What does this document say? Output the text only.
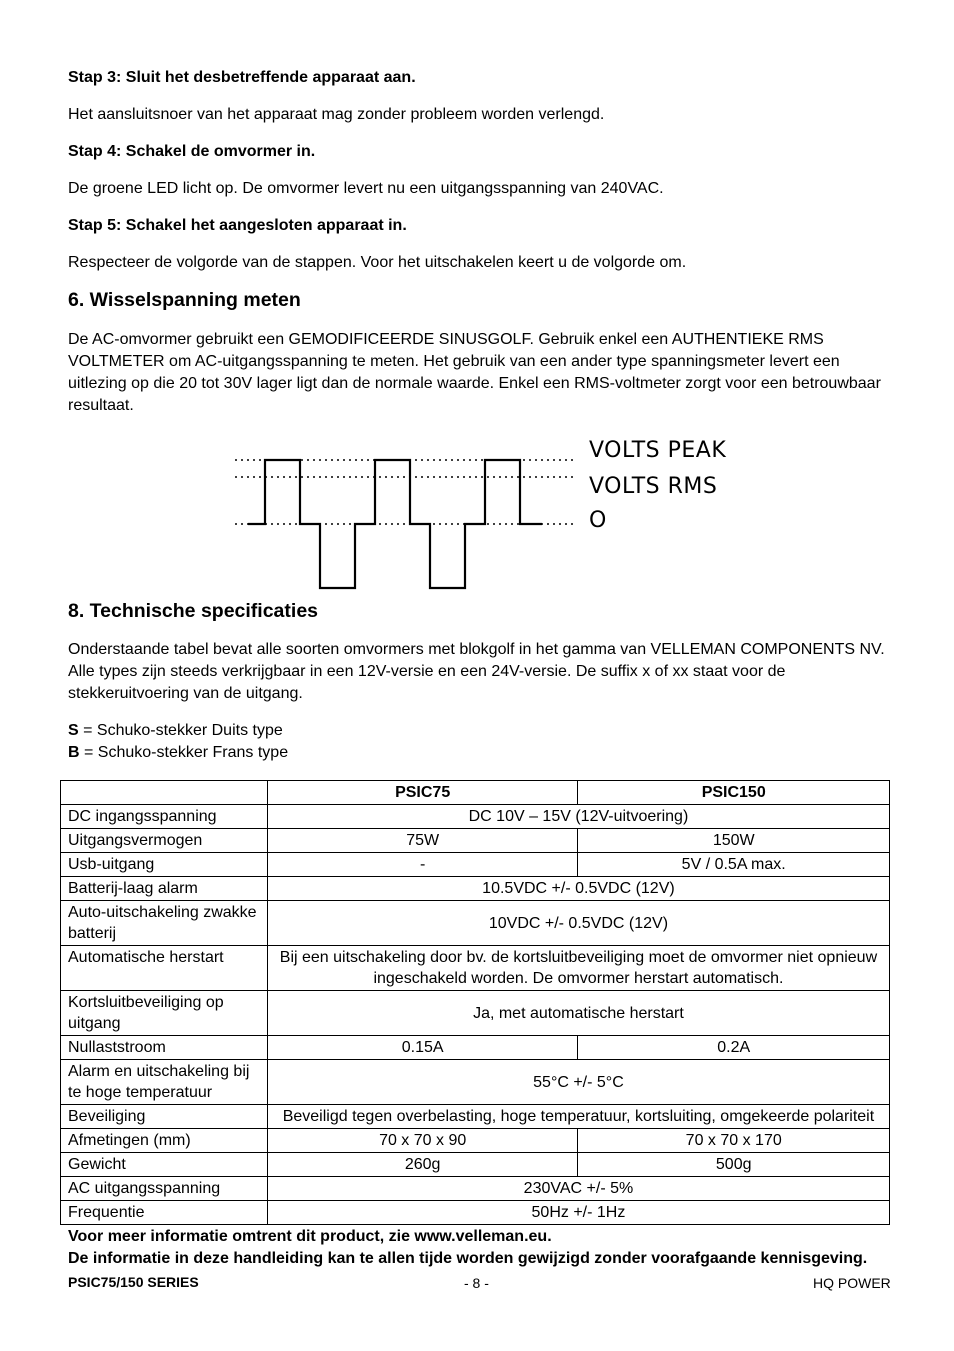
Stap 3: Sluit het desbetreffende apparaat aan.
Het aansluitsnoer van het apparaat mag zonder probleem worden verlengd.
Stap 4: Schakel de omvormer in.
De groene LED licht op. De omvormer levert nu een uitgangsspanning van 240VAC.
Stap 5: Schakel het aangesloten apparaat in.
Respecteer de volgorde van de stappen. Voor het uitschakelen keert u de volgorde om.
6. Wisselspanning meten
De AC-omvormer gebruikt een GEMODIFICEERDE SINUSGOLF. Gebruik enkel een AUTHENTIEKE RMS
VOLTMETER om AC-uitgangsspanning te meten. Het gebruik van een ander type spanningsmeter levert een
uitlezing op die 20 tot 30V lager ligt dan de normale waarde. Enkel een RMS-voltmeter zorgt voor een betrouwbaar
resultaat.
VOLTS PEAK
VOLTS RMS
O
8. Technische specificaties
Onderstaande tabel bevat alle soorten omvormers met blokgolf in het gamma van VELLEMAN COMPONENTS NV.
Alle types zijn steeds verkrijgbaar in een 12V-versie en een 24V-versie. De suffix x of xx staat voor de
stekkeruitvoering van de uitgang.
S = Schuko-stekker Duits type
B = Schuko-stekker Frans type
	PSIC75	PSIC150
DC ingangsspanning	DC 10V – 15V (12V-uitvoering)	
Uitgangsvermogen	75W	150W
Usb-uitgang	-	5V / 0.5A max.
Batterij-laag alarm	10.5VDC +/- 0.5VDC (12V)	
Auto-uitschakeling zwakke batterij	10VDC +/- 0.5VDC (12V)	
Automatische herstart	Bij een uitschakeling door bv. de kortsluitbeveiliging moet de omvormer niet opnieuw ingeschakeld worden. De omvormer herstart automatisch.	
Kortsluitbeveiliging op uitgang	Ja, met automatische herstart	
Nullaststroom	0.15A	0.2A
Alarm en uitschakeling bij te hoge temperatuur	55°C +/- 5°C	
Beveiliging	Beveiligd tegen overbelasting, hoge temperatuur, kortsluiting, omgekeerde polariteit	
Afmetingen (mm)	70 x 70 x 90	70 x 70 x 170
Gewicht	260g	500g
AC uitgangsspanning	230VAC +/- 5%	
Frequentie	50Hz +/- 1Hz	
Voor meer informatie omtrent dit product, zie www.velleman.eu.
De informatie in deze handleiding kan te allen tijde worden gewijzigd zonder voorafgaande kennisgeving.
PSIC75/150 SERIES	- 8 -	HQ POWER
